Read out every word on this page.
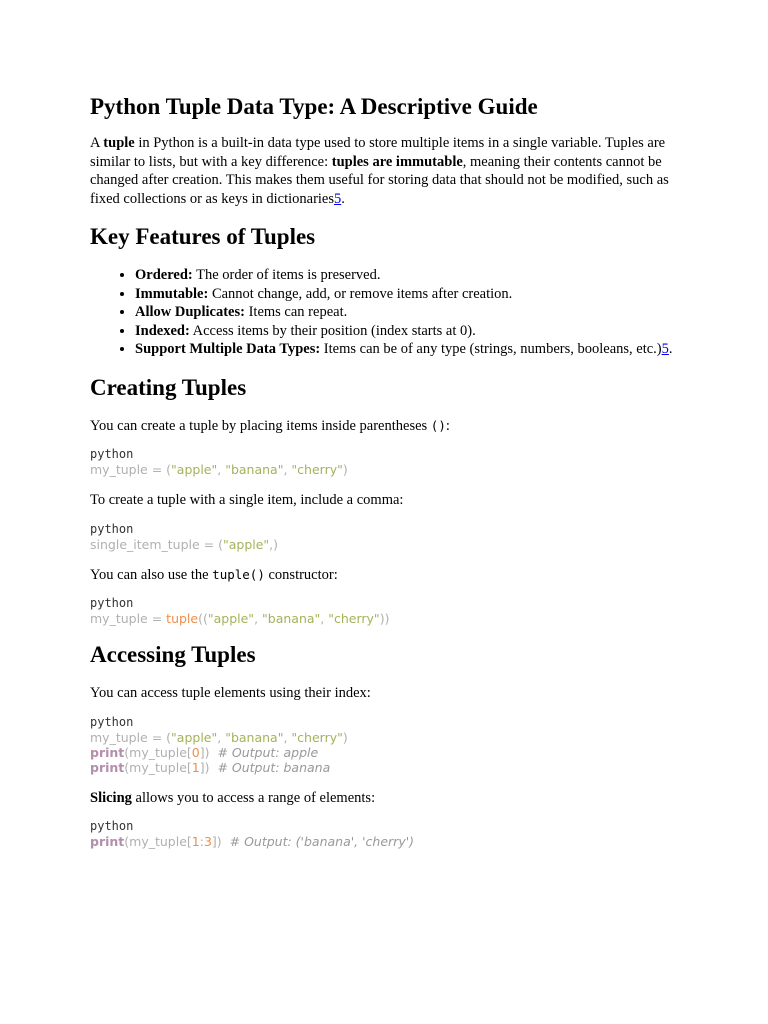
Python Tuple Data Type: A Descriptive Guide

A tuple in Python is a built-in data type used to store multiple items in a single variable. Tuples are similar to lists, but with a key difference: tuples are immutable, meaning their contents cannot be changed after creation. This makes them useful for storing data that should not be modified, such as fixed collections or as keys in dictionaries5.

Key Features of Tuples
• Ordered: The order of items is preserved.
• Immutable: Cannot change, add, or remove items after creation.
• Allow Duplicates: Items can repeat.
• Indexed: Access items by their position (index starts at 0).
• Support Multiple Data Types: Items can be of any type (strings, numbers, booleans, etc.)5.
Creating Tuples

You can create a tuple by placing items inside parentheses ():

python
my_tuple = ("apple", "banana", "cherry")

To create a tuple with a single item, include a comma:

python
single_item_tuple = ("apple",)

You can also use the tuple() constructor:

python
my_tuple = tuple(("apple", "banana", "cherry"))
Accessing Tuples

You can access tuple elements using their index:

python
my_tuple = ("apple", "banana", "cherry")
print(my_tuple[0])  # Output: apple
print(my_tuple[1])  # Output: banana

Slicing allows you to access a range of elements:

python
print(my_tuple[1:3])  # Output: ('banana', 'cherry')
